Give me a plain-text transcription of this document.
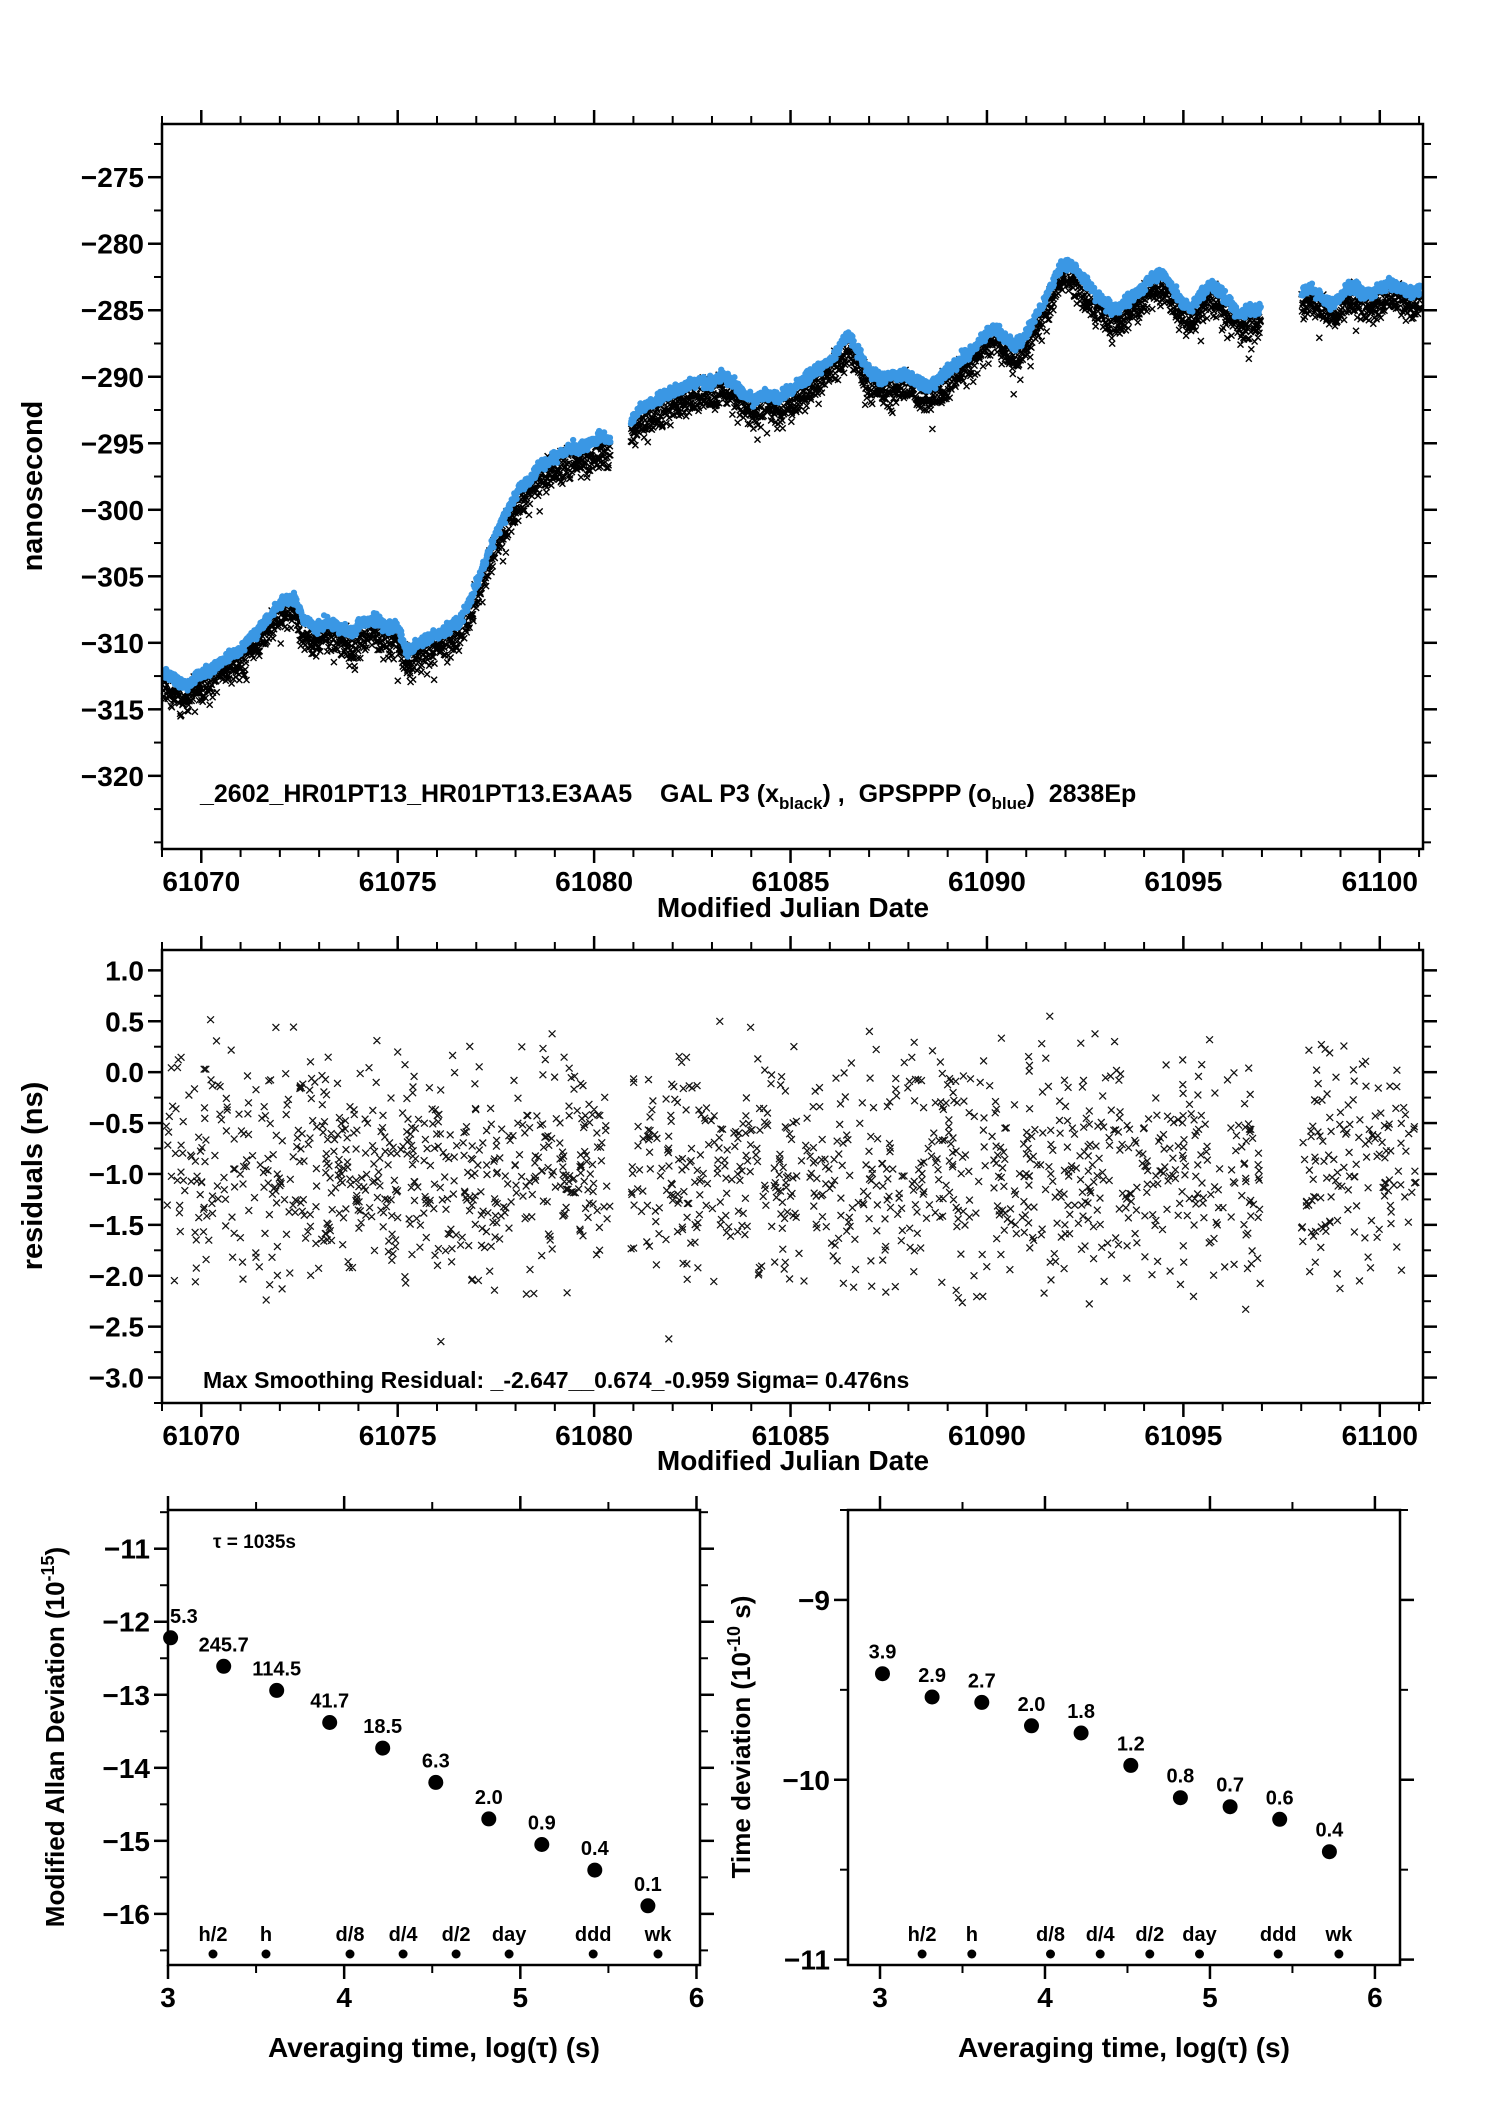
61070	61075	61080	61085	61090	61095	61100
−275
−280
−285
−290
−295
−300
−305
−310
−315
−320
61070	61075	61080	61085	61090	61095	61100
1.0
0.5
0.0
−0.5
−1.0
−1.5
−2.0
−2.5
−3.0
3	4	5	6
−11
−12
−13
−14
−15
−16
5.3
245.7
114.5
41.7
18.5
6.3
2.0
0.9
0.4
0.1
h/2 h	d/8 d/4 d/2 day ddd wk
3	4	5	6
−9
−10
−11
3.9
2.9 2.7
2.0 1.8
1.2
0.8 0.7
0.6
0.4
h/2 h	d/8 d/4 d/2 day ddd wk
nanosecond
Modified Julian Date
residuals (ns)
Modified Julian Date
Modified Allan Deviation $(10^{-15})$
Averaging time, log(τ) (s)
Time deviation ($10^{-10}$ s)
Averaging time, log(τ) (s)
_2602_HR01PT13_HR01PT13.E3AA5    GAL P3 $(x_{black})$ ,  GPSPPP $(o_{blue})$  2838Ep
Max Smoothing Residual: _-2.647__0.674_-0.959 Sigma= 0.476ns
τ = 1035s
